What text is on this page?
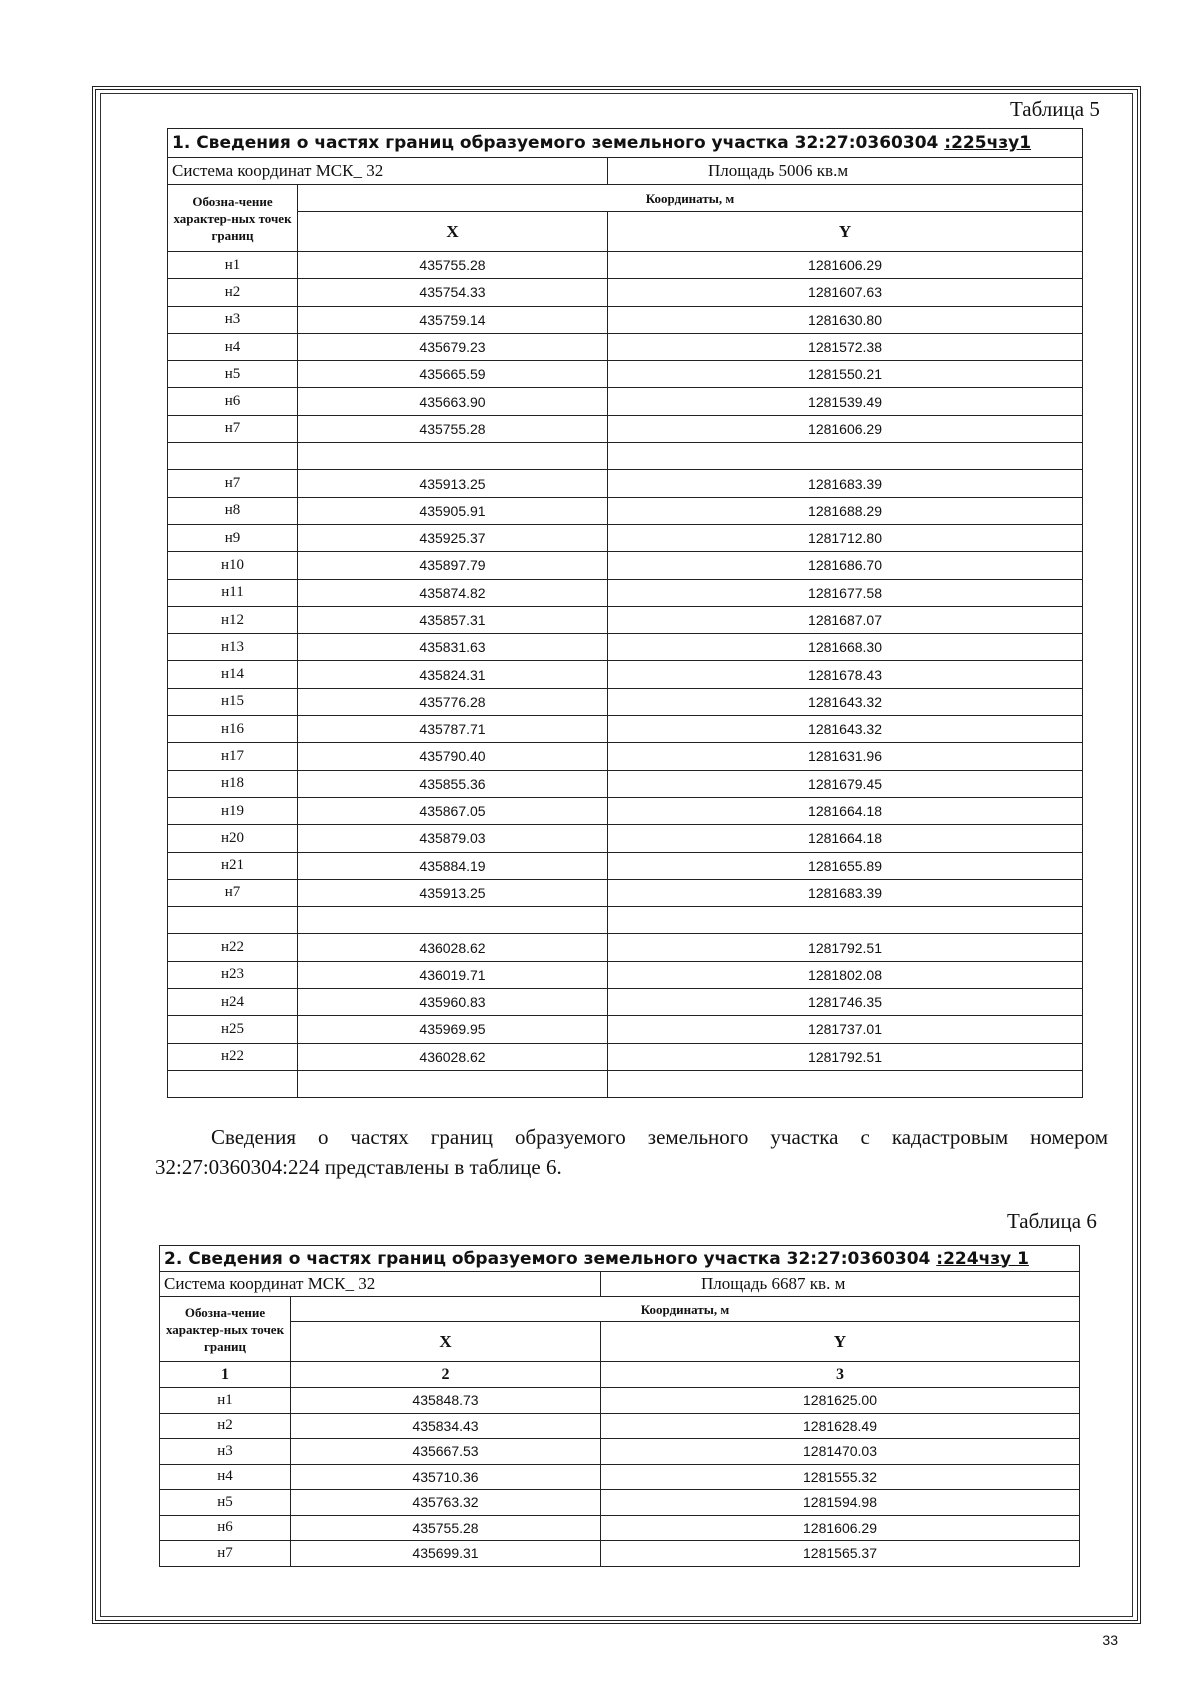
Таблица 5
1. Сведения о частях границ образуемого земельного участка 32:27:0360304 :225чзу1		
Система координат МСК_ 32		Площадь 5006 кв.м
Обозна-чение характер-ных точек границ	Координаты, м	
	X	Y
н1	435755.28	1281606.29
н2	435754.33	1281607.63
н3	435759.14	1281630.80
н4	435679.23	1281572.38
н5	435665.59	1281550.21
н6	435663.90	1281539.49
н7	435755.28	1281606.29

н7	435913.25	1281683.39
н8	435905.91	1281688.29
н9	435925.37	1281712.80
н10	435897.79	1281686.70
н11	435874.82	1281677.58
н12	435857.31	1281687.07
н13	435831.63	1281668.30
н14	435824.31	1281678.43
н15	435776.28	1281643.32
н16	435787.71	1281643.32
н17	435790.40	1281631.96
н18	435855.36	1281679.45
н19	435867.05	1281664.18
н20	435879.03	1281664.18
н21	435884.19	1281655.89
н7	435913.25	1281683.39

н22	436028.62	1281792.51
н23	436019.71	1281802.08
н24	435960.83	1281746.35
н25	435969.95	1281737.01
н22	436028.62	1281792.51

Сведения о частях границ образуемого земельного участка с кадастровым номером 32:27:0360304:224 представлены в таблице 6.
Таблица 6
2. Сведения о частях границ образуемого земельного участка 32:27:0360304 :224чзу 1		
Система координат МСК_ 32		Площадь 6687 кв. м
Обозна-чение характер-ных точек границ	Координаты, м	
	X	Y
1	2	3
н1	435848.73	1281625.00
н2	435834.43	1281628.49
н3	435667.53	1281470.03
н4	435710.36	1281555.32
н5	435763.32	1281594.98
н6	435755.28	1281606.29
н7	435699.31	1281565.37
33
